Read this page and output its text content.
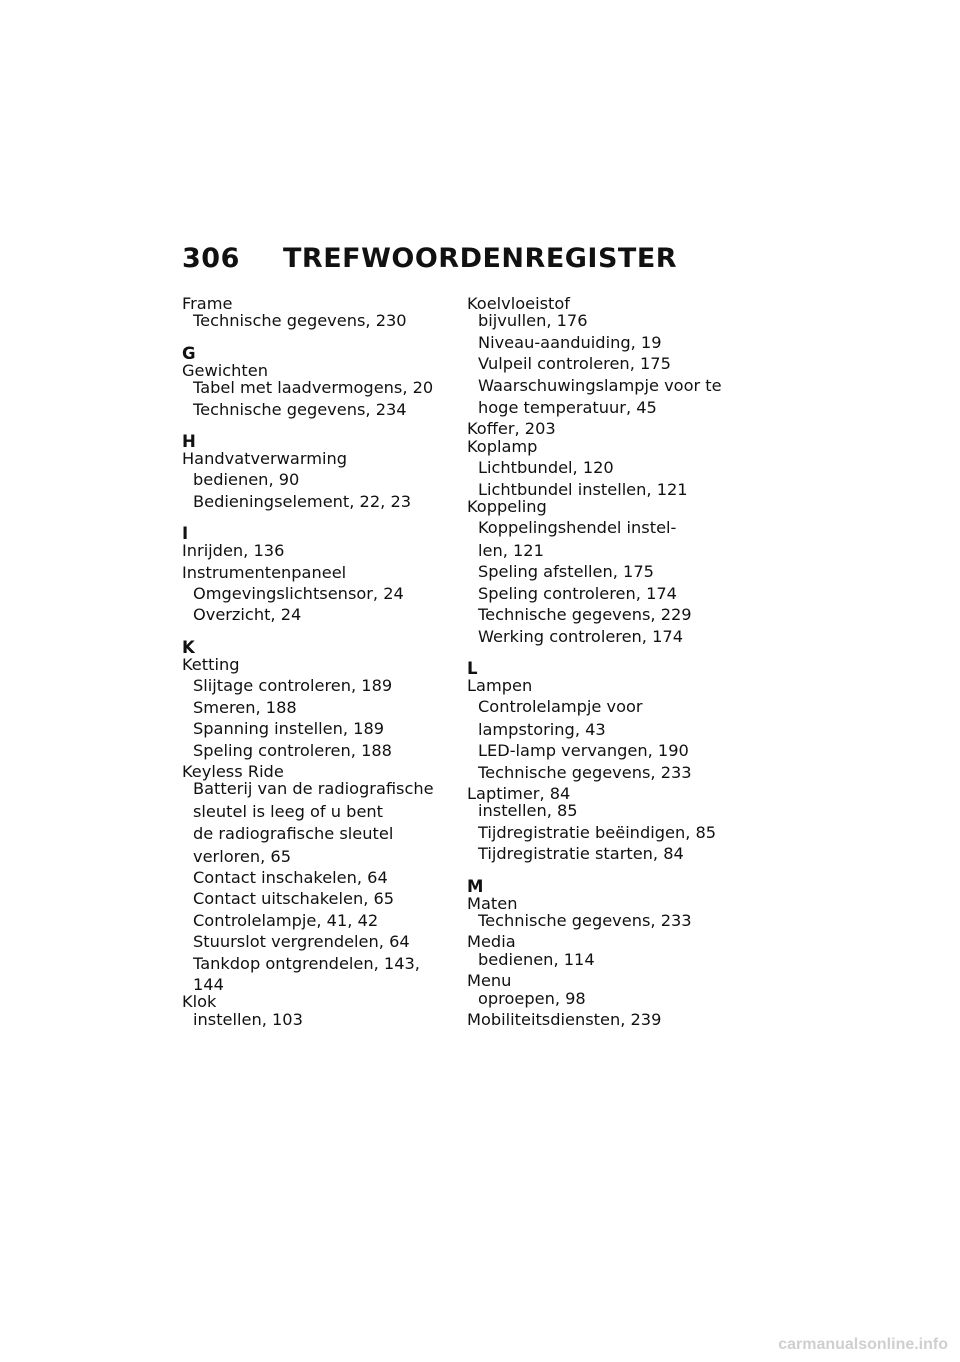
306 TREFWOORDENREGISTER
Frame
Technische gegevens, 230
G
Gewichten
Tabel met laadvermogens, 20
Technische gegevens, 234
H
Handvatverwarming
bedienen, 90
Bedieningselement, 22, 23
I
Inrijden, 136
Instrumentenpaneel
Omgevingslichtsensor, 24
Overzicht, 24
K
Ketting
Slijtage controleren, 189
Smeren, 188
Spanning instellen, 189
Speling controleren, 188
Keyless Ride
Batterij van de radiografische
sleutel is leeg of u bent
de radiografische sleutel
verloren, 65
Contact inschakelen, 64
Contact uitschakelen, 65
Controlelampje, 41, 42
Stuurslot vergrendelen, 64
Tankdop ontgrendelen, 143,
144
Klok
instellen, 103
Koelvloeistof
bijvullen, 176
Niveau-aanduiding, 19
Vulpeil controleren, 175
Waarschuwingslampje voor te
hoge temperatuur, 45
Koffer, 203
Koplamp
Lichtbundel, 120
Lichtbundel instellen, 121
Koppeling
Koppelingshendel instel-
len, 121
Speling afstellen, 175
Speling controleren, 174
Technische gegevens, 229
Werking controleren, 174
L
Lampen
Controlelampje voor
lampstoring, 43
LED-lamp vervangen, 190
Technische gegevens, 233
Laptimer, 84
instellen, 85
Tijdregistratie beëindigen, 85
Tijdregistratie starten, 84
M
Maten
Technische gegevens, 233
Media
bedienen, 114
Menu
oproepen, 98
Mobiliteitsdiensten, 239
carmanualsonline.info
